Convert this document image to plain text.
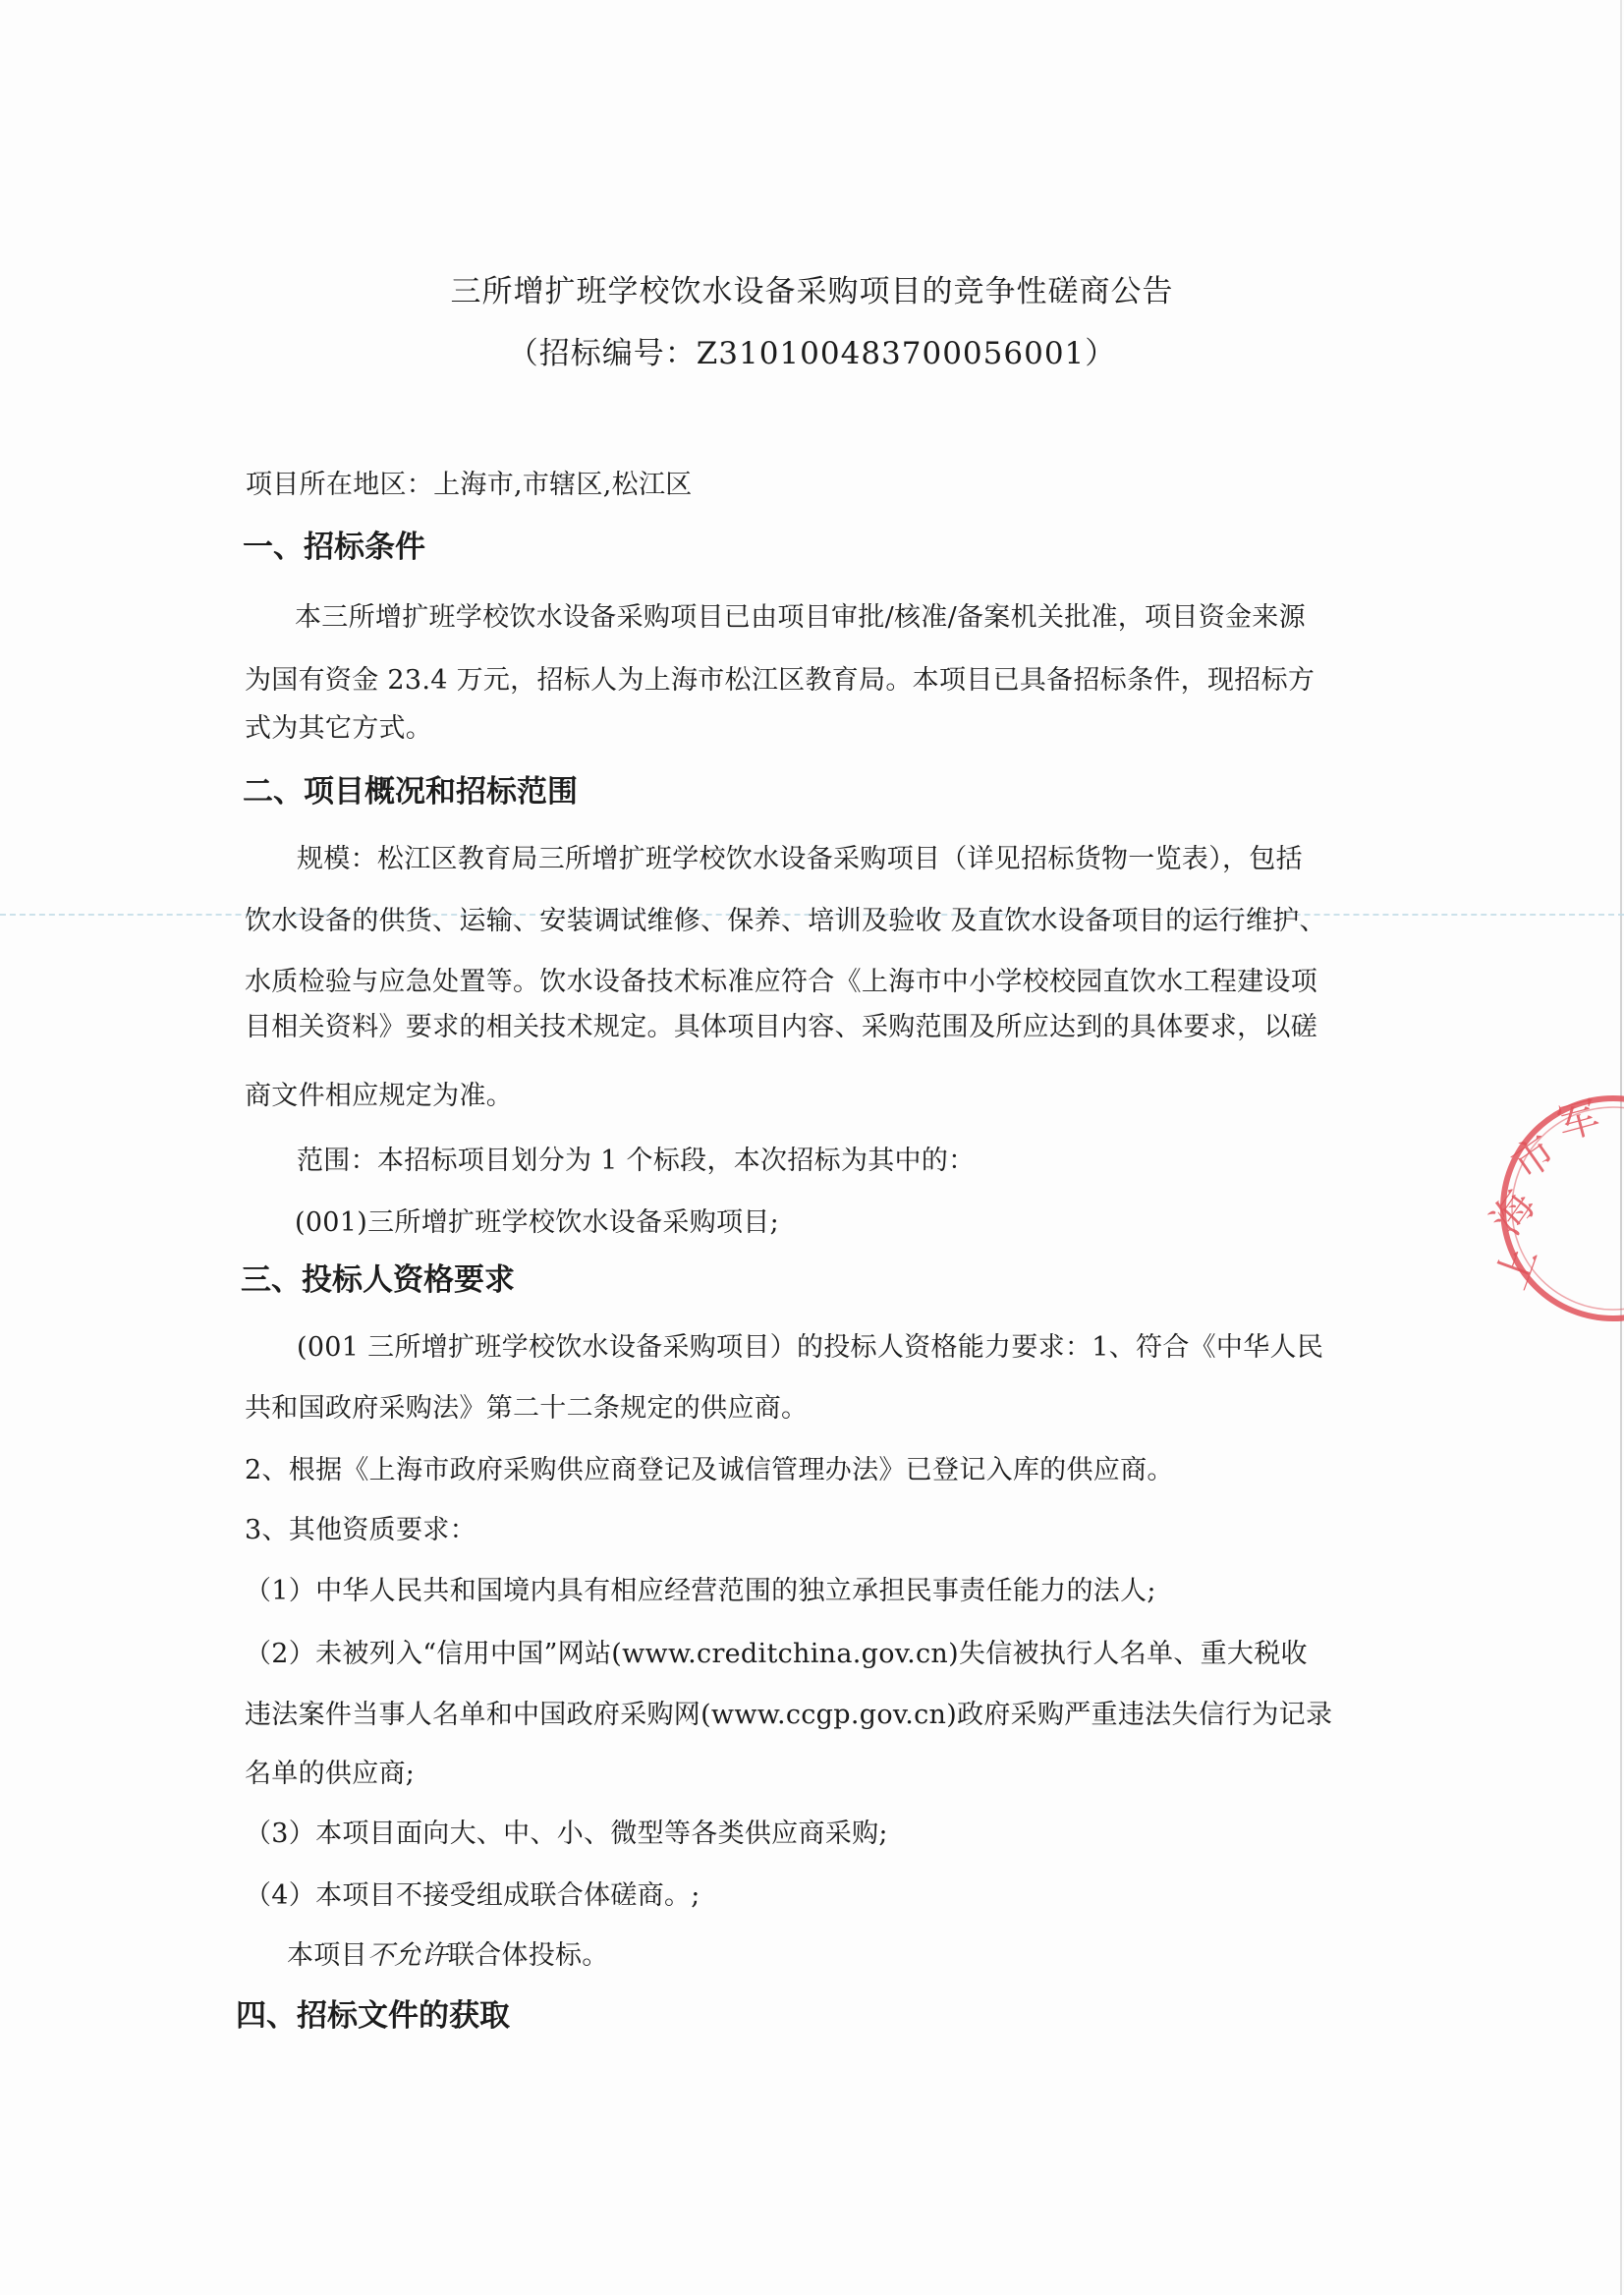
三所增扩班学校饮水设备采购项目的竞争性磋商公告
（招标编号：Z310100483700056001）
项目所在地区：上海市,市辖区,松江区
一、招标条件
本三所增扩班学校饮水设备采购项目已由项目审批/核准/备案机关批准，项目资金来源
为国有资金 23.4 万元，招标人为上海市松江区教育局。本项目已具备招标条件，现招标方
式为其它方式。
二、项目概况和招标范围
规模：松江区教育局三所增扩班学校饮水设备采购项目（详见招标货物一览表），包括
饮水设备的供货、运输、安装调试维修、保养、培训及验收 及直饮水设备项目的运行维护、
水质检验与应急处置等。饮水设备技术标准应符合《上海市中小学校校园直饮水工程建设项
目相关资料》要求的相关技术规定。具体项目内容、采购范围及所应达到的具体要求，以磋
商文件相应规定为准。
范围：本招标项目划分为 1 个标段，本次招标为其中的：
(001)三所增扩班学校饮水设备采购项目;
三、投标人资格要求
(001 三所增扩班学校饮水设备采购项目）的投标人资格能力要求：1、符合《中华人民
共和国政府采购法》第二十二条规定的供应商。
2、根据《上海市政府采购供应商登记及诚信管理办法》已登记入库的供应商。
3、其他资质要求：
（1）中华人民共和国境内具有相应经营范围的独立承担民事责任能力的法人;
（2）未被列入“信用中国”网站(www.creditchina.gov.cn)失信被执行人名单、重大税收
违法案件当事人名单和中国政府采购网(www.ccgp.gov.cn)政府采购严重违法失信行为记录
名单的供应商;
（3）本项目面向大、中、小、微型等各类供应商采购;
（4）本项目不接受组成联合体磋商。;
本项目不允许联合体投标。
四、招标文件的获取
上
海
市
军
